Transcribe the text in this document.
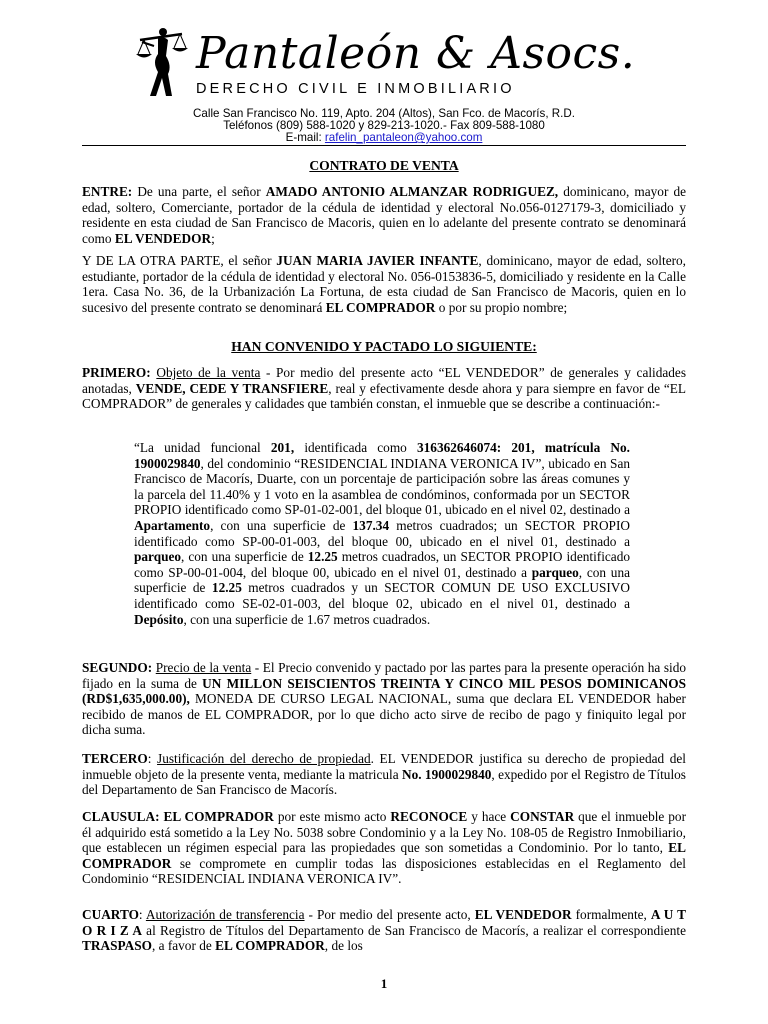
Pantaleón & Asocs.
DERECHO CIVIL E INMOBILIARIO
Calle San Francisco No. 119, Apto. 204 (Altos), San Fco. de Macorís, R.D.
Teléfonos (809) 588-1020 y 829-213-1020.- Fax 809-588-1080
E-mail: rafelin_pantaleon@yahoo.com
CONTRATO DE VENTA
ENTRE: De una parte, el señor AMADO ANTONIO ALMANZAR RODRIGUEZ, dominicano, mayor de edad, soltero, Comerciante, portador de la cédula de identidad y electoral No.056-0127179-3, domiciliado y residente en esta ciudad de San Francisco de Macoris, quien en lo adelante del presente contrato se denominará como EL VENDEDOR;
Y DE LA OTRA PARTE, el señor JUAN MARIA JAVIER INFANTE, dominicano, mayor de edad, soltero, estudiante, portador de la cédula de identidad y electoral No. 056-0153836-5, domiciliado y residente en la Calle 1era. Casa No. 36, de la Urbanización La Fortuna, de esta ciudad de San Francisco de Macoris, quien en lo sucesivo del presente contrato se denominará EL COMPRADOR o por su propio nombre;
HAN CONVENIDO Y PACTADO LO SIGUIENTE:
PRIMERO: Objeto de la venta - Por medio del presente acto “EL VENDEDOR” de generales y calidades anotadas, VENDE, CEDE Y TRANSFIERE, real y efectivamente desde ahora y para siempre en favor de “EL COMPRADOR” de generales y calidades que también constan, el inmueble que se describe a continuación:-
“La unidad funcional 201, identificada como 316362646074: 201, matrícula No. 1900029840, del condominio “RESIDENCIAL INDIANA VERONICA IV”, ubicado en San Francisco de Macorís, Duarte, con un porcentaje de participación sobre las áreas comunes y la parcela del 11.40% y 1 voto en la asamblea de condóminos, conformada por un SECTOR PROPIO identificado como SP-01-02-001, del bloque 01, ubicado en el nivel 02, destinado a Apartamento, con una superficie de 137.34 metros cuadrados; un SECTOR PROPIO identificado como SP-00-01-003, del bloque 00, ubicado en el nivel 01, destinado a parqueo, con una superficie de 12.25 metros cuadrados, un SECTOR PROPIO identificado como SP-00-01-004, del bloque 00, ubicado en el nivel 01, destinado a parqueo, con una superficie de 12.25 metros cuadrados y un SECTOR COMUN DE USO EXCLUSIVO identificado como SE-02-01-003, del bloque 02, ubicado en el nivel 01, destinado a Depósito, con una superficie de 1.67 metros cuadrados.
SEGUNDO: Precio de la venta - El Precio convenido y pactado por las partes para la presente operación ha sido fijado en la suma de UN MILLON SEISCIENTOS TREINTA Y CINCO MIL PESOS DOMINICANOS (RD$1,635,000.00), MONEDA DE CURSO LEGAL NACIONAL, suma que declara EL VENDEDOR haber recibido de manos de EL COMPRADOR, por lo que dicho acto sirve de recibo de pago y finiquito legal por dicha suma.
TERCERO: Justificación del derecho de propiedad. EL VENDEDOR justifica su derecho de propiedad del inmueble objeto de la presente venta, mediante la matricula No. 1900029840, expedido por el Registro de Títulos del Departamento de San Francisco de Macorís.
CLAUSULA: EL COMPRADOR por este mismo acto RECONOCE y hace CONSTAR que el inmueble por él adquirido está sometido a la Ley No. 5038 sobre Condominio y a la Ley No. 108-05 de Registro Inmobiliario, que establecen un régimen especial para las propiedades que son sometidas a Condominio. Por lo tanto, EL COMPRADOR se compromete en cumplir todas las disposiciones establecidas en el Reglamento del Condominio “RESIDENCIAL INDIANA VERONICA IV”.
CUARTO: Autorización de transferencia - Por medio del presente acto, EL VENDEDOR formalmente, A U T O R I Z A al Registro de Títulos del Departamento de San Francisco de Macorís, a realizar el correspondiente TRASPASO, a favor de EL COMPRADOR, de los
1
